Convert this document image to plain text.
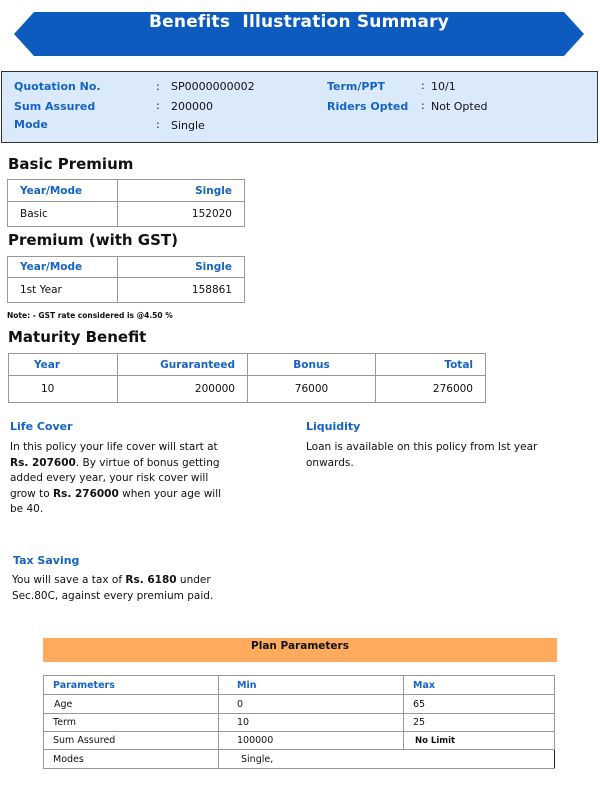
Benefits  Illustration Summary
Quotation No.	: SP0000000002
Sum Assured	: 200000
Mode	: Single
Term/PPT	: 10/1
Riders Opted : Not Opted
Basic Premium
Year/Mode	Single
Basic	152020
Premium (with GST)
Year/Mode	Single
1st Year	158861
Note: - GST rate considered is @4.50 %
Maturity Benefit
Year	Guraranteed	Bonus	Total
10	200000	76000	276000
Life Cover
In this policy your life cover will start at Rs. 207600. By virtue of bonus getting added every year, your risk cover will grow to Rs. 276000 when your age will be 40.
Liquidity
Loan is available on this policy from Ist year onwards.
Tax Saving
You will save a tax of Rs. 6180 under Sec.80C, against every premium paid.
Plan Parameters
Parameters	Min	Max
Age	0	65
Term	10	25
Sum Assured	100000	No Limit
Modes	Single,	
